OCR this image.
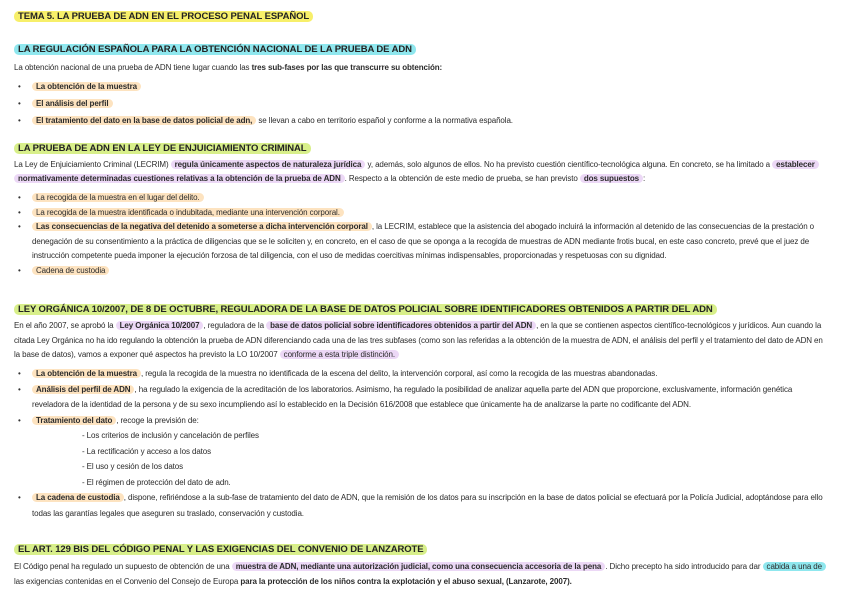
TEMA 5. LA PRUEBA DE ADN EN EL PROCESO PENAL ESPAÑOL
LA REGULACIÓN ESPAÑOLA PARA LA OBTENCIÓN NACIONAL DE LA PRUEBA DE ADN

La obtención nacional de una prueba de ADN tiene lugar cuando las tres sub-fases por las que transcurre su obtención:

• La obtención de la muestra
• El análisis del perfil
• El tratamiento del dato en la base de datos policial de adn, se llevan a cabo en territorio español y conforme a la normativa española.
LA PRUEBA DE ADN EN LA LEY DE ENJUICIAMIENTO CRIMINAL

La Ley de Enjuiciamiento Criminal (LECRIM) regula únicamente aspectos de naturaleza jurídica y, además, solo algunos de ellos. No ha previsto cuestión científico-tecnológica alguna. En concreto, se ha limitado a establecer normativamente determinadas cuestiones relativas a la obtención de la prueba de ADN . Respecto a la obtención de este medio de prueba, se han previsto dos supuestos :

• La recogida de la muestra en el lugar del delito.
• La recogida de la muestra identificada o indubitada, mediante una intervención corporal.
• Las consecuencias de la negativa del detenido a someterse a dicha intervención corporal , la LECRIM, establece que la asistencia del abogado incluirá la información al detenido de las consecuencias de la prestación o denegación de su consentimiento a la práctica de diligencias que se le soliciten y, en concreto, en el caso de que se oponga a la recogida de muestras de ADN mediante frotis bucal, en este caso concreto, prevé que el juez de instrucción competente pueda imponer la ejecución forzosa de tal diligencia, con el uso de medidas coercitivas mínimas indispensables, proporcionadas y respetuosas con su dignidad.
• Cadena de custodia
LEY ORGÁNICA 10/2007, DE 8 DE OCTUBRE, REGULADORA DE LA BASE DE DATOS POLICIAL SOBRE IDENTIFICADORES OBTENIDOS A PARTIR DEL ADN

En el año 2007, se aprobó la Ley Orgánica 10/2007 , reguladora de la base de datos policial sobre identificadores obtenidos a partir del ADN , en la que se contienen aspectos científico-tecnológicos y jurídicos. Aun cuando la citada Ley Orgánica no ha ido regulando la obtención la prueba de ADN diferenciando cada una de las tres subfases (como son las referidas a la obtención de la muestra de ADN, el análisis del perfil y el tratamiento del dato de ADN en la base de datos), vamos a exponer qué aspectos ha previsto la LO 10/2007 conforme a esta triple distinción.

• La obtención de la muestra , regula la recogida de la muestra no identificada de la escena del delito, la intervención corporal, así como la recogida de las muestras abandonadas.
• Análisis del perfil de ADN , ha regulado la exigencia de la acreditación de los laboratorios. Asimismo, ha regulado la posibilidad de analizar aquella parte del ADN que proporcione, exclusivamente, información genética reveladora de la identidad de la persona y de su sexo incumpliendo así lo establecido en la Decisión 616/2008 que establece que únicamente ha de analizarse la parte no codificante del ADN.
• Tratamiento del dato , recoge la previsión de:
- Los criterios de inclusión y cancelación de perfiles
- La rectificación y acceso a los datos
- El uso y cesión de los datos
- El régimen de protección del dato de adn.
• La cadena de custodia , dispone, refiriéndose a la sub-fase de tratamiento del dato de ADN, que la remisión de los datos para su inscripción en la base de datos policial se efectuará por la Policía Judicial, adoptándose para ello todas las garantías legales que aseguren su traslado, conservación y custodia.
EL ART. 129 BIS DEL CÓDIGO PENAL Y LAS EXIGENCIAS DEL CONVENIO DE LANZAROTE

El Código penal ha regulado un supuesto de obtención de una muestra de ADN, mediante una autorización judicial, como una consecuencia accesoria de la pena . Dicho precepto ha sido introducido para dar cabida a una de las exigencias contenidas en el Convenio del Consejo de Europa para la protección de los niños contra la explotación y el abuso sexual, (Lanzarote, 2007).
